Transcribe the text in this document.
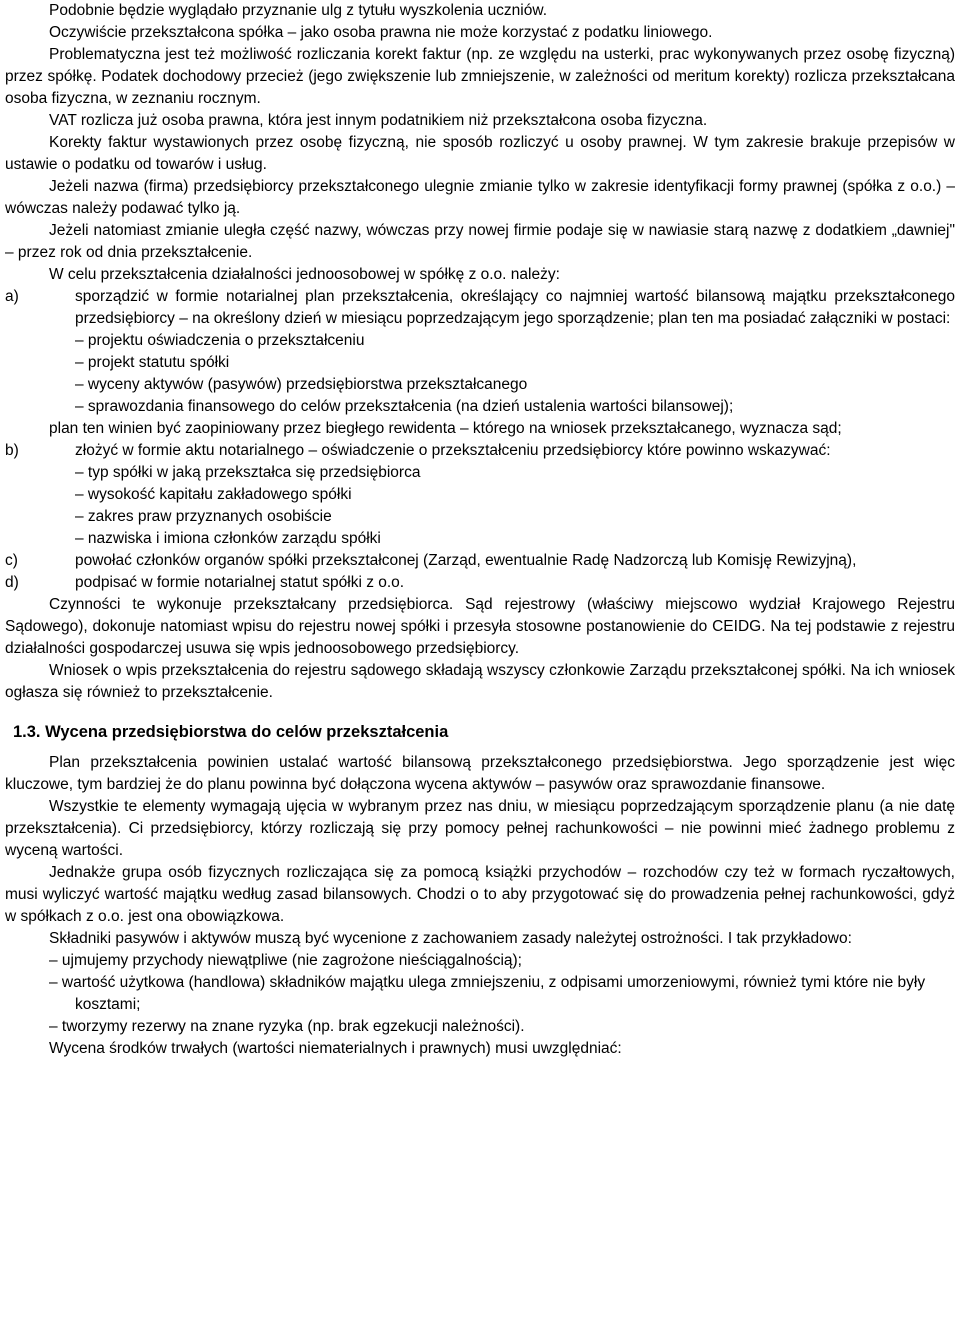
Podobnie będzie wyglądało przyznanie ulg z tytułu wyszkolenia uczniów.

Oczywiście przekształcona spółka – jako osoba prawna nie może korzystać z podatku liniowego.

Problematyczna jest też możliwość rozliczania korekt faktur (np. ze względu na usterki, prac wykonywanych przez osobę fizyczną) przez spółkę. Podatek dochodowy przecież (jego zwiększenie lub zmniejszenie, w zależności od meritum korekty) rozlicza przekształcana osoba fizyczna, w zeznaniu rocznym.

VAT rozlicza już osoba prawna, która jest innym podatnikiem niż przekształcona osoba fizyczna.

Korekty faktur wystawionych przez osobę fizyczną, nie sposób rozliczyć u osoby prawnej. W tym zakresie brakuje przepisów w ustawie o podatku od towarów i usług.

Jeżeli nazwa (firma) przedsiębiorcy przekształconego ulegnie zmianie tylko w zakresie identyfikacji formy prawnej (spółka z o.o.) – wówczas należy podawać tylko ją.

Jeżeli natomiast zmianie uległa część nazwy, wówczas przy nowej firmie podaje się w nawiasie starą nazwę z dodatkiem „dawniej" – przez rok od dnia przekształcenie.

W celu przekształcenia działalności jednoosobowej w spółkę z o.o. należy:

a)	sporządzić w formie notarialnej plan przekształcenia, określający co najmniej wartość bilansową majątku przekształconego przedsiębiorcy – na określony dzień w miesiącu poprzedzającym jego sporządzenie; plan ten ma posiadać załączniki w postaci:

– projektu oświadczenia o przekształceniu

– projekt statutu spółki

– wyceny aktywów (pasywów) przedsiębiorstwa przekształcanego

– sprawozdania finansowego do celów przekształcenia (na dzień ustalenia wartości bilansowej);

plan ten winien być zaopiniowany przez biegłego rewidenta – którego na wniosek przekształcanego, wyznacza sąd;

b)	złożyć w formie aktu notarialnego – oświadczenie o przekształceniu przedsiębiorcy które powinno wskazywać:

– typ spółki w jaką przekształca się przedsiębiorca

– wysokość kapitału zakładowego spółki

– zakres praw przyznanych osobiście

– nazwiska i imiona członków zarządu spółki

c)	powołać członków organów spółki przekształconej (Zarząd, ewentualnie Radę Nadzorczą lub Komisję Rewizyjną),
d)	podpisać w formie notarialnej statut spółki z o.o.

Czynności te wykonuje przekształcany przedsiębiorca. Sąd rejestrowy (właściwy miejscowo wydział Krajowego Rejestru Sądowego), dokonuje natomiast wpisu do rejestru nowej spółki i przesyła stosowne postanowienie do CEIDG. Na tej podstawie z rejestru działalności gospodarczej usuwa się wpis jednoosobowego przedsiębiorcy.

Wniosek o wpis przekształcenia do rejestru sądowego składają wszyscy członkowie Zarządu przekształconej spółki. Na ich wniosek ogłasza się również to przekształcenie.

1.3. Wycena przedsiębiorstwa do celów przekształcenia

Plan przekształcenia powinien ustalać wartość bilansową przekształconego przedsiębiorstwa. Jego sporządzenie jest więc kluczowe, tym bardziej że do planu powinna być dołączona wycena aktywów – pasywów oraz sprawozdanie finansowe.

Wszystkie te elementy wymagają ujęcia w wybranym przez nas dniu, w miesiącu poprzedzającym sporządzenie planu (a nie datę przekształcenia). Ci przedsiębiorcy, którzy rozliczają się przy pomocy pełnej rachunkowości – nie powinni mieć żadnego problemu z wyceną wartości.

Jednakże grupa osób fizycznych rozliczająca się za pomocą książki przychodów – rozchodów czy też w formach ryczałtowych, musi wyliczyć wartość majątku według zasad bilansowych. Chodzi o to aby przygotować się do prowadzenia pełnej rachunkowości, gdyż w spółkach z o.o. jest ona obowiązkowa.

Składniki pasywów i aktywów muszą być wycenione z zachowaniem zasady należytej ostrożności. I tak przykładowo:

– ujmujemy przychody niewątpliwe (nie zagrożone nieściągalnością);

– wartość użytkowa (handlowa) składników majątku ulega zmniejszeniu, z odpisami umorzeniowymi, również tymi które nie były kosztami;

– tworzymy rezerwy na znane ryzyka (np. brak egzekucji należności).

Wycena środków trwałych (wartości niematerialnych i prawnych) musi uwzględniać:
